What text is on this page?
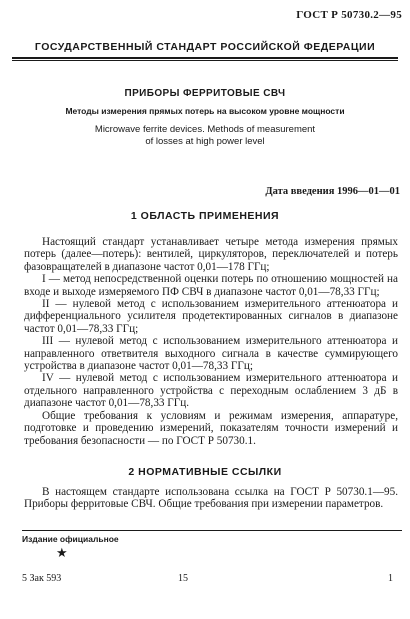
ГОСТ Р 50730.2—95
ГОСУДАРСТВЕННЫЙ СТАНДАРТ РОССИЙСКОЙ ФЕДЕРАЦИИ
ПРИБОРЫ ФЕРРИТОВЫЕ СВЧ
Методы измерения прямых потерь на высоком уровне мощности
Microwave ferrite devices. Methods of measurement
of losses at high power level
Дата введения 1996—01—01
1 ОБЛАСТЬ ПРИМЕНЕНИЯ

Настоящий стандарт устанавливает четыре метода измерения прямых потерь (далее—потерь): вентилей, циркуляторов, переключателей и потерь фазовращателей в диапазоне частот 0,01—178 ГГц;

I — метод непосредственной оценки потерь по отношению мощностей на входе и выходе измеряемого ПФ СВЧ в диапазоне частот 0,01—78,33 ГГц;

II — нулевой метод с использованием измерительного аттенюатора и дифференциального усилителя продетектированных сигналов в диапазоне частот 0,01—78,33 ГГц;

III — нулевой метод с использованием измерительного аттенюатора и направленного ответвителя выходного сигнала в качестве суммирующего устройства в диапазоне частот 0,01—78,33 ГГц;

IV — нулевой метод с использованием измерительного аттенюатора и отдельного направленного устройства с переходным ослаблением 3 дБ в диапазоне частот 0,01—78,33 ГГц.

Общие требования к условиям и режимам измерения, аппаратуре, подготовке и проведению измерений, показателям точности измерений и требования безопасности — по ГОСТ Р 50730.1.

2 НОРМАТИВНЫЕ ССЫЛКИ

В настоящем стандарте использована ссылка на ГОСТ Р 50730.1—95. Приборы ферритовые СВЧ. Общие требования при измерении параметров.

Издание официальное
★
5 Зак 593	15	1
